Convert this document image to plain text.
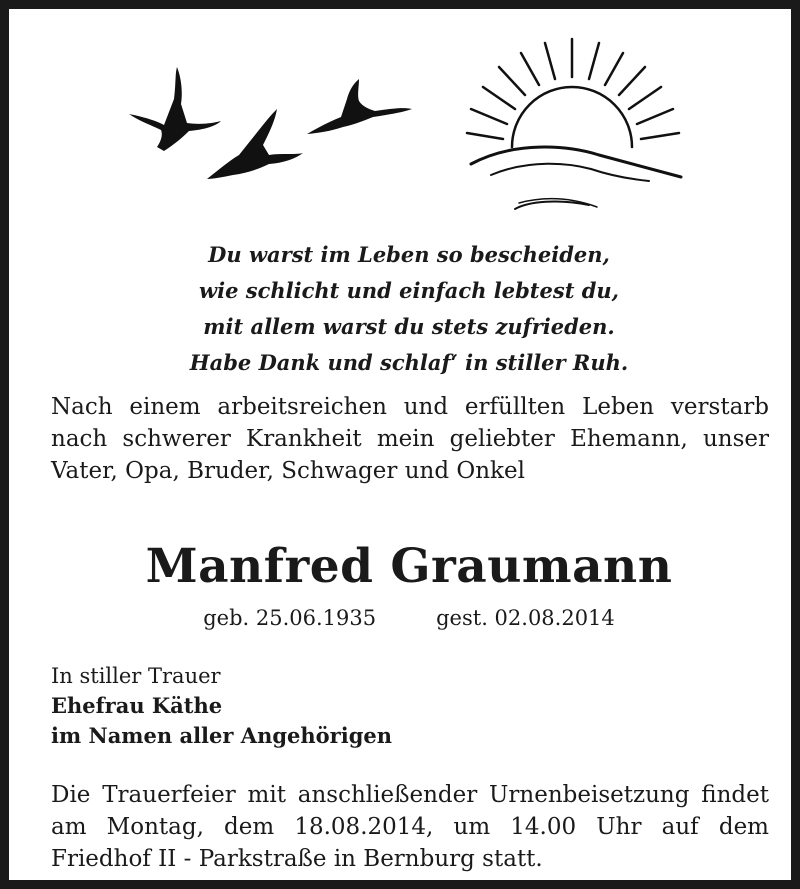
Du warst im Leben so bescheiden,
wie schlicht und einfach lebtest du,
mit allem warst du stets zufrieden.
Habe Dank und schlaf‘ in stiller Ruh.
Nach einem arbeitsreichen und erfüllten Leben verstarb nach schwerer Krankheit mein geliebter Ehemann, unser Vater, Opa, Bruder, Schwager und Onkel
Manfred Graumann
geb. 25.06.1935	gest. 02.08.2014
In stiller Trauer
Ehefrau Käthe
im Namen aller Angehörigen
Die Trauerfeier mit anschließender Urnenbeisetzung findet am Montag, dem 18.08.2014, um 14.00 Uhr auf dem Friedhof II - Parkstraße in Bernburg statt.
